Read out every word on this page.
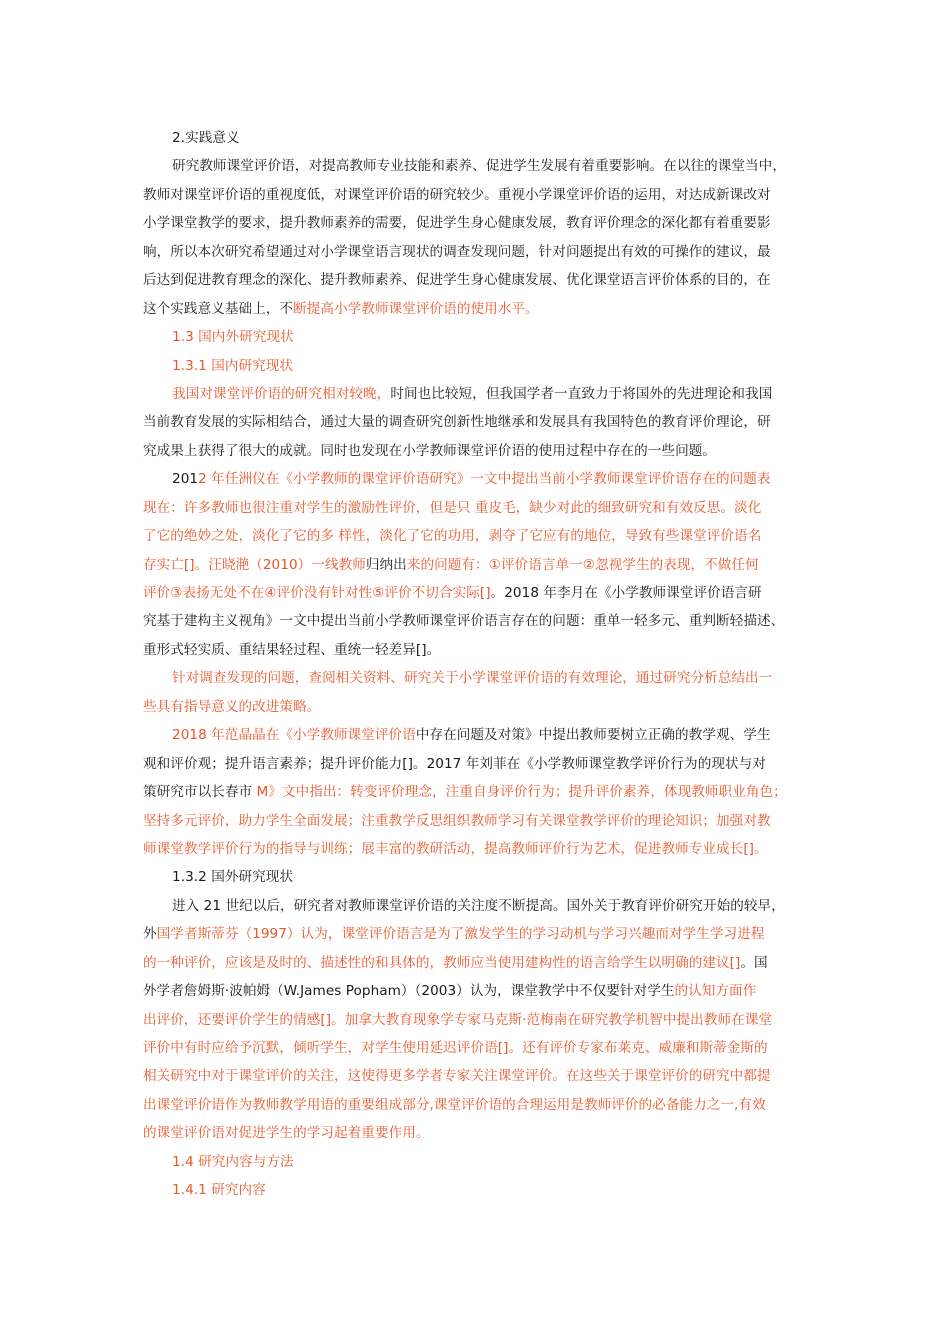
2.实践意义
研究教师课堂评价语，对提高教师专业技能和素养、促进学生发展有着重要影响。在以往的课堂当中，
教师对课堂评价语的重视度低，对课堂评价语的研究较少。重视小学课堂评价语的运用，对达成新课改对
小学课堂教学的要求，提升教师素养的需要，促进学生身心健康发展，教育评价理念的深化都有着重要影
响，所以本次研究希望通过对小学课堂语言现状的调查发现问题，针对问题提出有效的可操作的建议，最
后达到促进教育理念的深化、提升教师素养、促进学生身心健康发展、优化课堂语言评价体系的目的，在
这个实践意义基础上，不断提高小学教师课堂评价语的使用水平。
1.3 国内外研究现状
1.3.1 国内研究现状
我国对课堂评价语的研究相对较晚，时间也比较短，但我国学者一直致力于将国外的先进理论和我国
当前教育发展的实际相结合，通过大量的调查研究创新性地继承和发展具有我国特色的教育评价理论，研
究成果上获得了很大的成就。同时也发现在小学教师课堂评价语的使用过程中存在的一些问题。
2012 年任洲仪在《小学教师的课堂评价语研究》一文中提出当前小学教师课堂评价语存在的问题表
现在：许多教师也很注重对学生的激励性评价，但是只 重皮毛，缺少对此的细致研究和有效反思。淡化
了它的绝妙之处，淡化了它的多 样性，淡化了它的功用，剥夺了它应有的地位，导致有些课堂评价语名
存实亡[]。汪晓滟（2010）一线教师归纳出来的问题有：①评价语言单一②忽视学生的表现，不做任何
评价③表扬无处不在④评价没有针对性⑤评价不切合实际[]。2018 年李月在《小学教师课堂评价语言研
究基于建构主义视角》一文中提出当前小学教师课堂评价语言存在的问题：重单一轻多元、重判断轻描述、
重形式轻实质、重结果轻过程、重统一轻差异[]。
针对调查发现的问题，查阅相关资料、研究关于小学课堂评价语的有效理论，通过研究分析总结出一
些具有指导意义的改进策略。
2018 年范晶晶在《小学教师课堂评价语中存在问题及对策》中提出教师要树立正确的教学观、学生
观和评价观；提升语言素养；提升评价能力[]。2017 年刘菲在《小学教师课堂教学评价行为的现状与对
策研究市以长春市 M》文中指出：转变评价理念，注重自身评价行为；提升评价素养，体现教师职业角色；
坚持多元评价，助力学生全面发展；注重教学反思组织教师学习有关课堂教学评价的理论知识；加强对教
师课堂教学评价行为的指导与训练；展丰富的教研活动，提高教师评价行为艺术，促进教师专业成长[]。
1.3.2 国外研究现状
进入 21 世纪以后，研究者对教师课堂评价语的关注度不断提高。国外关于教育评价研究开始的较早，
外国学者斯蒂芬（1997）认为，课堂评价语言是为了激发学生的学习动机与学习兴趣而对学生学习进程
的一种评价，应该是及时的、描述性的和具体的，教师应当使用建构性的语言给学生以明确的建议[]。国
外学者詹姆斯·波帕姆（W.James Popham）（2003）认为，课堂教学中不仅要针对学生的认知方面作
出评价，还要评价学生的情感[]。加拿大教育现象学专家马克斯·范梅南在研究教学机智中提出教师在课堂
评价中有时应给予沉默，倾听学生，对学生使用延迟评价语[]。还有评价专家布莱克、威廉和斯蒂金斯的
相关研究中对于课堂评价的关注，这使得更多学者专家关注课堂评价。在这些关于课堂评价的研究中都提
出课堂评价语作为教师教学用语的重要组成部分,课堂评价语的合理运用是教师评价的必备能力之一,有效
的课堂评价语对促进学生的学习起着重要作用。
1.4 研究内容与方法
1.4.1 研究内容
